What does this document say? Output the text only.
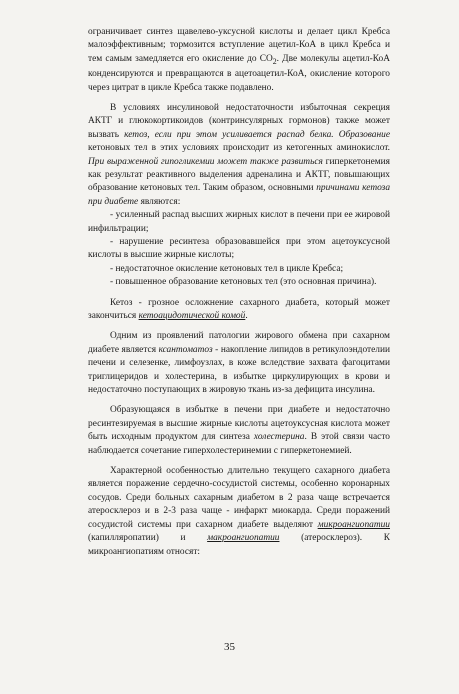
ограничивает синтез щавелево-уксусной кислоты и делает цикл Кребса малоэффективным; тормозится вступление ацетил-КоА в цикл Кребса и тем самым замедляется его окисление до $CO_2$. Две молекулы ацетил-КоА конденсируются и превращаются в ацетоацетил-КоА, окисление которого через цитрат в цикле Кребса также подавлено.

В условиях инсулиновой недостаточности избыточная секреция АКТГ и глюкокортикоидов (контринсулярных гормонов) также может вызвать кетоз, если при этом усиливается распад белка. Образование кетоновых тел в этих условиях происходит из кетогенных аминокислот. При выраженной гипогликемии может также развиться гиперкетонемия как результат реактивного выделения адреналина и АКТГ, повышающих образование кетоновых тел. Таким образом, основными причинами кетоза при диабете являются:

- усиленный распад высших жирных кислот в печени при ее жировой инфильтрации;

- нарушение ресинтеза образовавшейся при этом ацетоуксусной кислоты в высшие жирные кислоты;

- недостаточное окисление кетоновых тел в цикле Кребса;

- повышенное образование кетоновых тел (это основная причина).

Кетоз - грозное осложнение сахарного диабета, который может закончиться кетоацидотической комой.

Одним из проявлений патологии жирового обмена при сахарном диабете является ксантоматоз - накопление липидов в ретикулоэндотелии печени и селезенке, лимфоузлах, в коже вследствие захвата фагоцитами триглицеридов и холестерина, в избытке циркулирующих в крови и недостаточно поступающих в жировую ткань из-за дефицита инсулина.

Образующаяся в избытке в печени при диабете и недостаточно ресинтезируемая в высшие жирные кислоты ацетоуксусная кислота может быть исходным продуктом для синтеза холестерина. В этой связи часто наблюдается сочетание гиперхолестеринемии с гиперкетонемией.

Характерной особенностью длительно текущего сахарного диабета является поражение сердечно-сосудистой системы, особенно коронарных сосудов. Среди больных сахарным диабетом в 2 раза чаще встречается атеросклероз и в 2-3 раза чаще - инфаркт миокарда. Среди поражений сосудистой системы при сахарном диабете выделяют микроангиопатии (капилляропатии) и макроангиопатии (атеросклероз). К микроангиопатиям относят:

35
